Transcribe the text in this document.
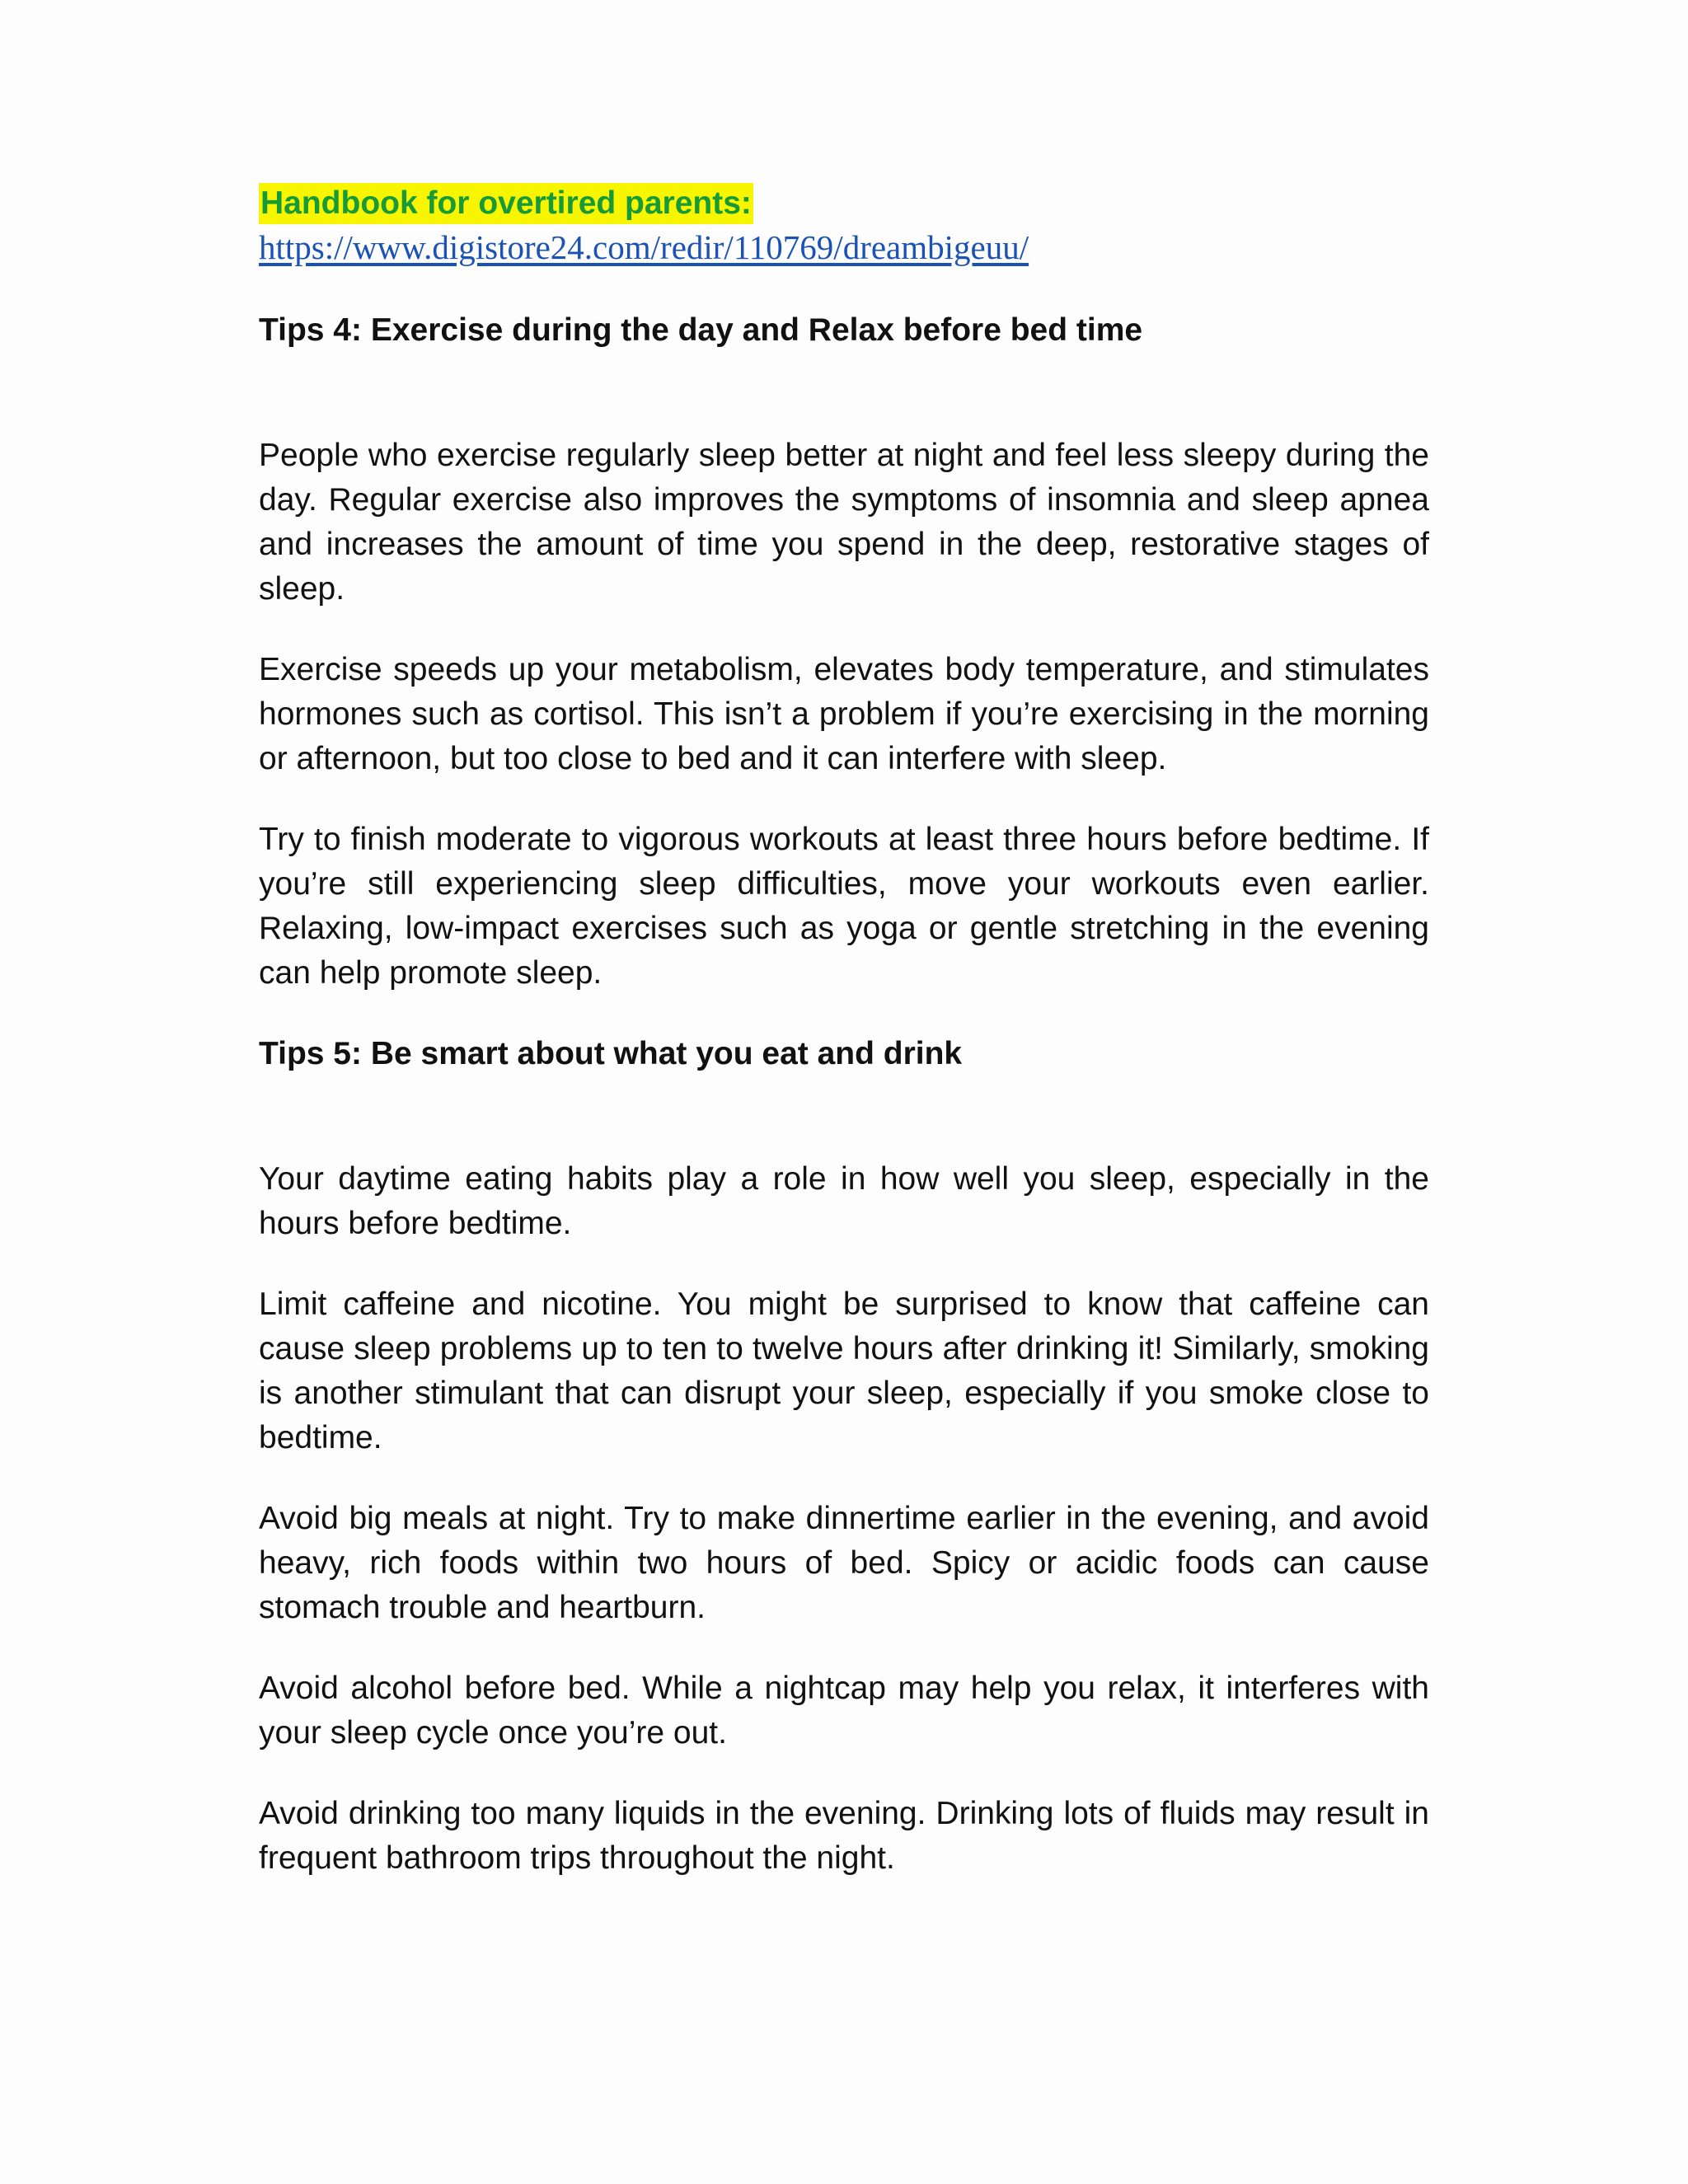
Handbook for overtired parents:

https://www.digistore24.com/redir/110769/dreambigeuu/
Tips 4: Exercise during the day and Relax before bed time

People who exercise regularly sleep better at night and feel less sleepy during the day. Regular exercise also improves the symptoms of insomnia and sleep apnea and increases the amount of time you spend in the deep, restorative stages of sleep.

Exercise speeds up your metabolism, elevates body temperature, and stimulates hormones such as cortisol. This isn’t a problem if you’re exercising in the morning or afternoon, but too close to bed and it can interfere with sleep.

Try to finish moderate to vigorous workouts at least three hours before bedtime. If you’re still experiencing sleep difficulties, move your workouts even earlier. Relaxing, low-impact exercises such as yoga or gentle stretching in the evening can help promote sleep.

Tips 5: Be smart about what you eat and drink

Your daytime eating habits play a role in how well you sleep, especially in the hours before bedtime.

Limit caffeine and nicotine. You might be surprised to know that caffeine can cause sleep problems up to ten to twelve hours after drinking it! Similarly, smoking is another stimulant that can disrupt your sleep, especially if you smoke close to bedtime.

Avoid big meals at night. Try to make dinnertime earlier in the evening, and avoid heavy, rich foods within two hours of bed. Spicy or acidic foods can cause stomach trouble and heartburn.

Avoid alcohol before bed. While a nightcap may help you relax, it interferes with your sleep cycle once you’re out.

Avoid drinking too many liquids in the evening. Drinking lots of fluids may result in frequent bathroom trips throughout the night.
